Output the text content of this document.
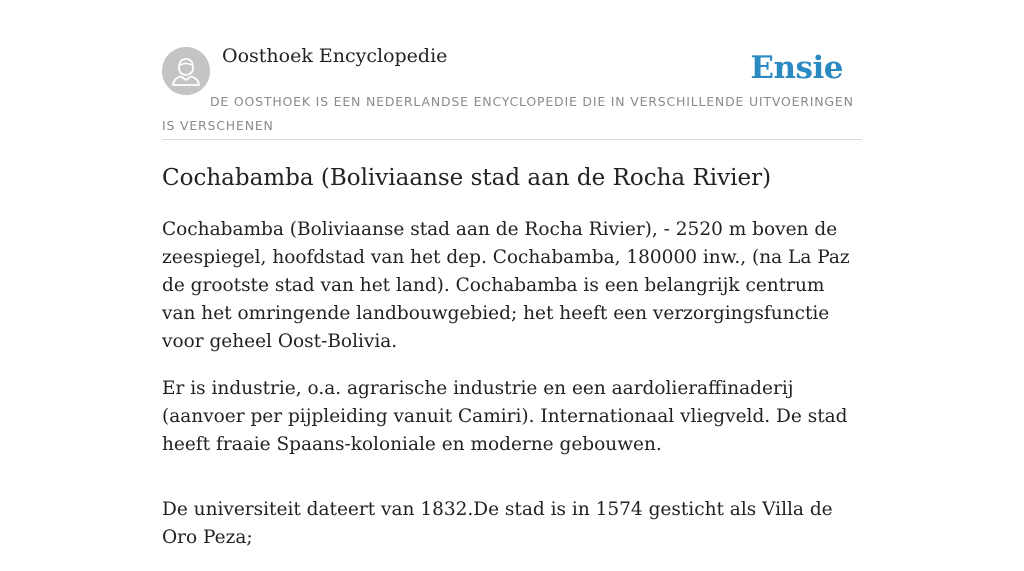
Oosthoek Encyclopedie	Ensie
DE OOSTHOEK IS EEN NEDERLANDSE ENCYCLOPEDIE DIE IN VERSCHILLENDE UITVOERINGEN IS VERSCHENEN
Cochabamba (Boliviaanse stad aan de Rocha Rivier)

Cochabamba (Boliviaanse stad aan de Rocha Rivier), - 2520 m boven de zeespiegel, hoofdstad van het dep. Cochabamba, 180000 inw., (na La Paz de grootste stad van het land). Cochabamba is een belangrijk centrum van het omringende landbouwgebied; het heeft een verzorgingsfunctie voor geheel Oost-Bolivia.

Er is industrie, o.a. agrarische industrie en een aardolieraffinaderij (aanvoer per pijpleiding vanuit Camiri). Internationaal vliegveld. De stad heeft fraaie Spaans-koloniale en moderne gebouwen.

De universiteit dateert van 1832.De stad is in 1574 gesticht als Villa de Oro Peza;
